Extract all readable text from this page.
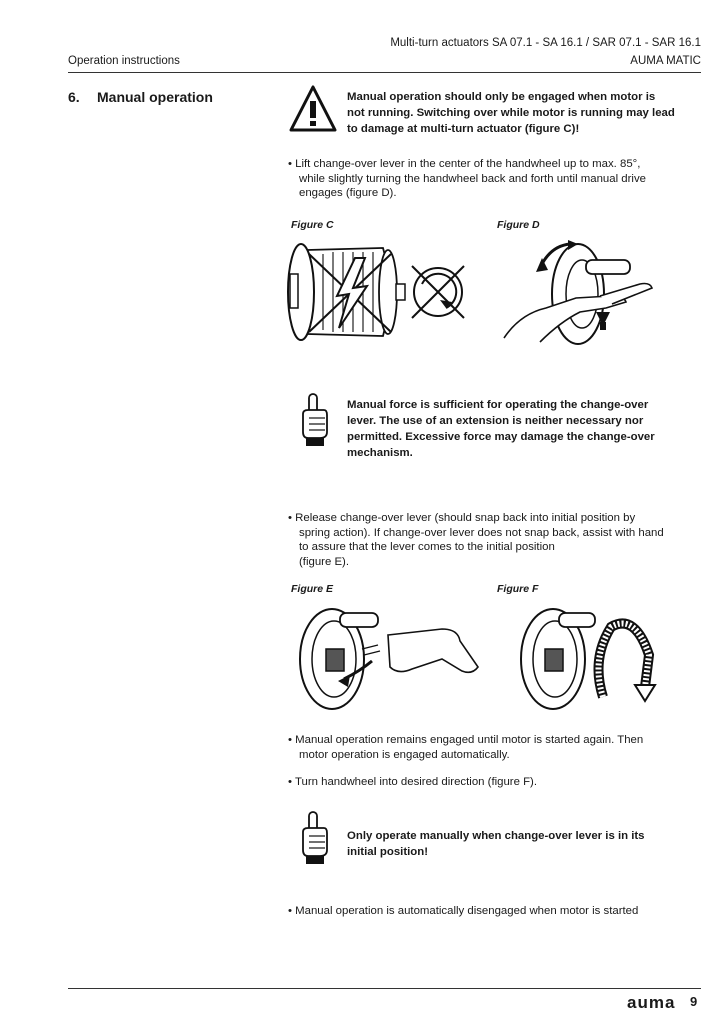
Multi-turn actuators SA 07.1 - SA 16.1 / SAR 07.1 - SAR 16.1
Operation instructions	AUMA MATIC
6. Manual operation	Manual operation should only be engaged when motor is
not running. Switching over while motor is running may lead
to damage at multi-turn actuator (figure C)!
• Lift change-over lever in the center of the handwheel up to max. 85°,
while slightly turning the handwheel back and forth until manual drive
engages (figure D).
Figure C	Figure D
Manual force is sufficient for operating the change-over
lever. The use of an extension is neither necessary nor
permitted. Excessive force may damage the change-over
mechanism.
• Release change-over lever (should snap back into initial position by
spring action). If change-over lever does not snap back, assist with hand
to assure that the lever comes to the initial position
(figure E).
Figure E	Figure F
• Manual operation remains engaged until motor is started again. Then
motor operation is engaged automatically.
• Turn handwheel into desired direction (figure F).
Only operate manually when change-over lever is in its
initial position!
• Manual operation is automatically disengaged when motor is started
auma 9
